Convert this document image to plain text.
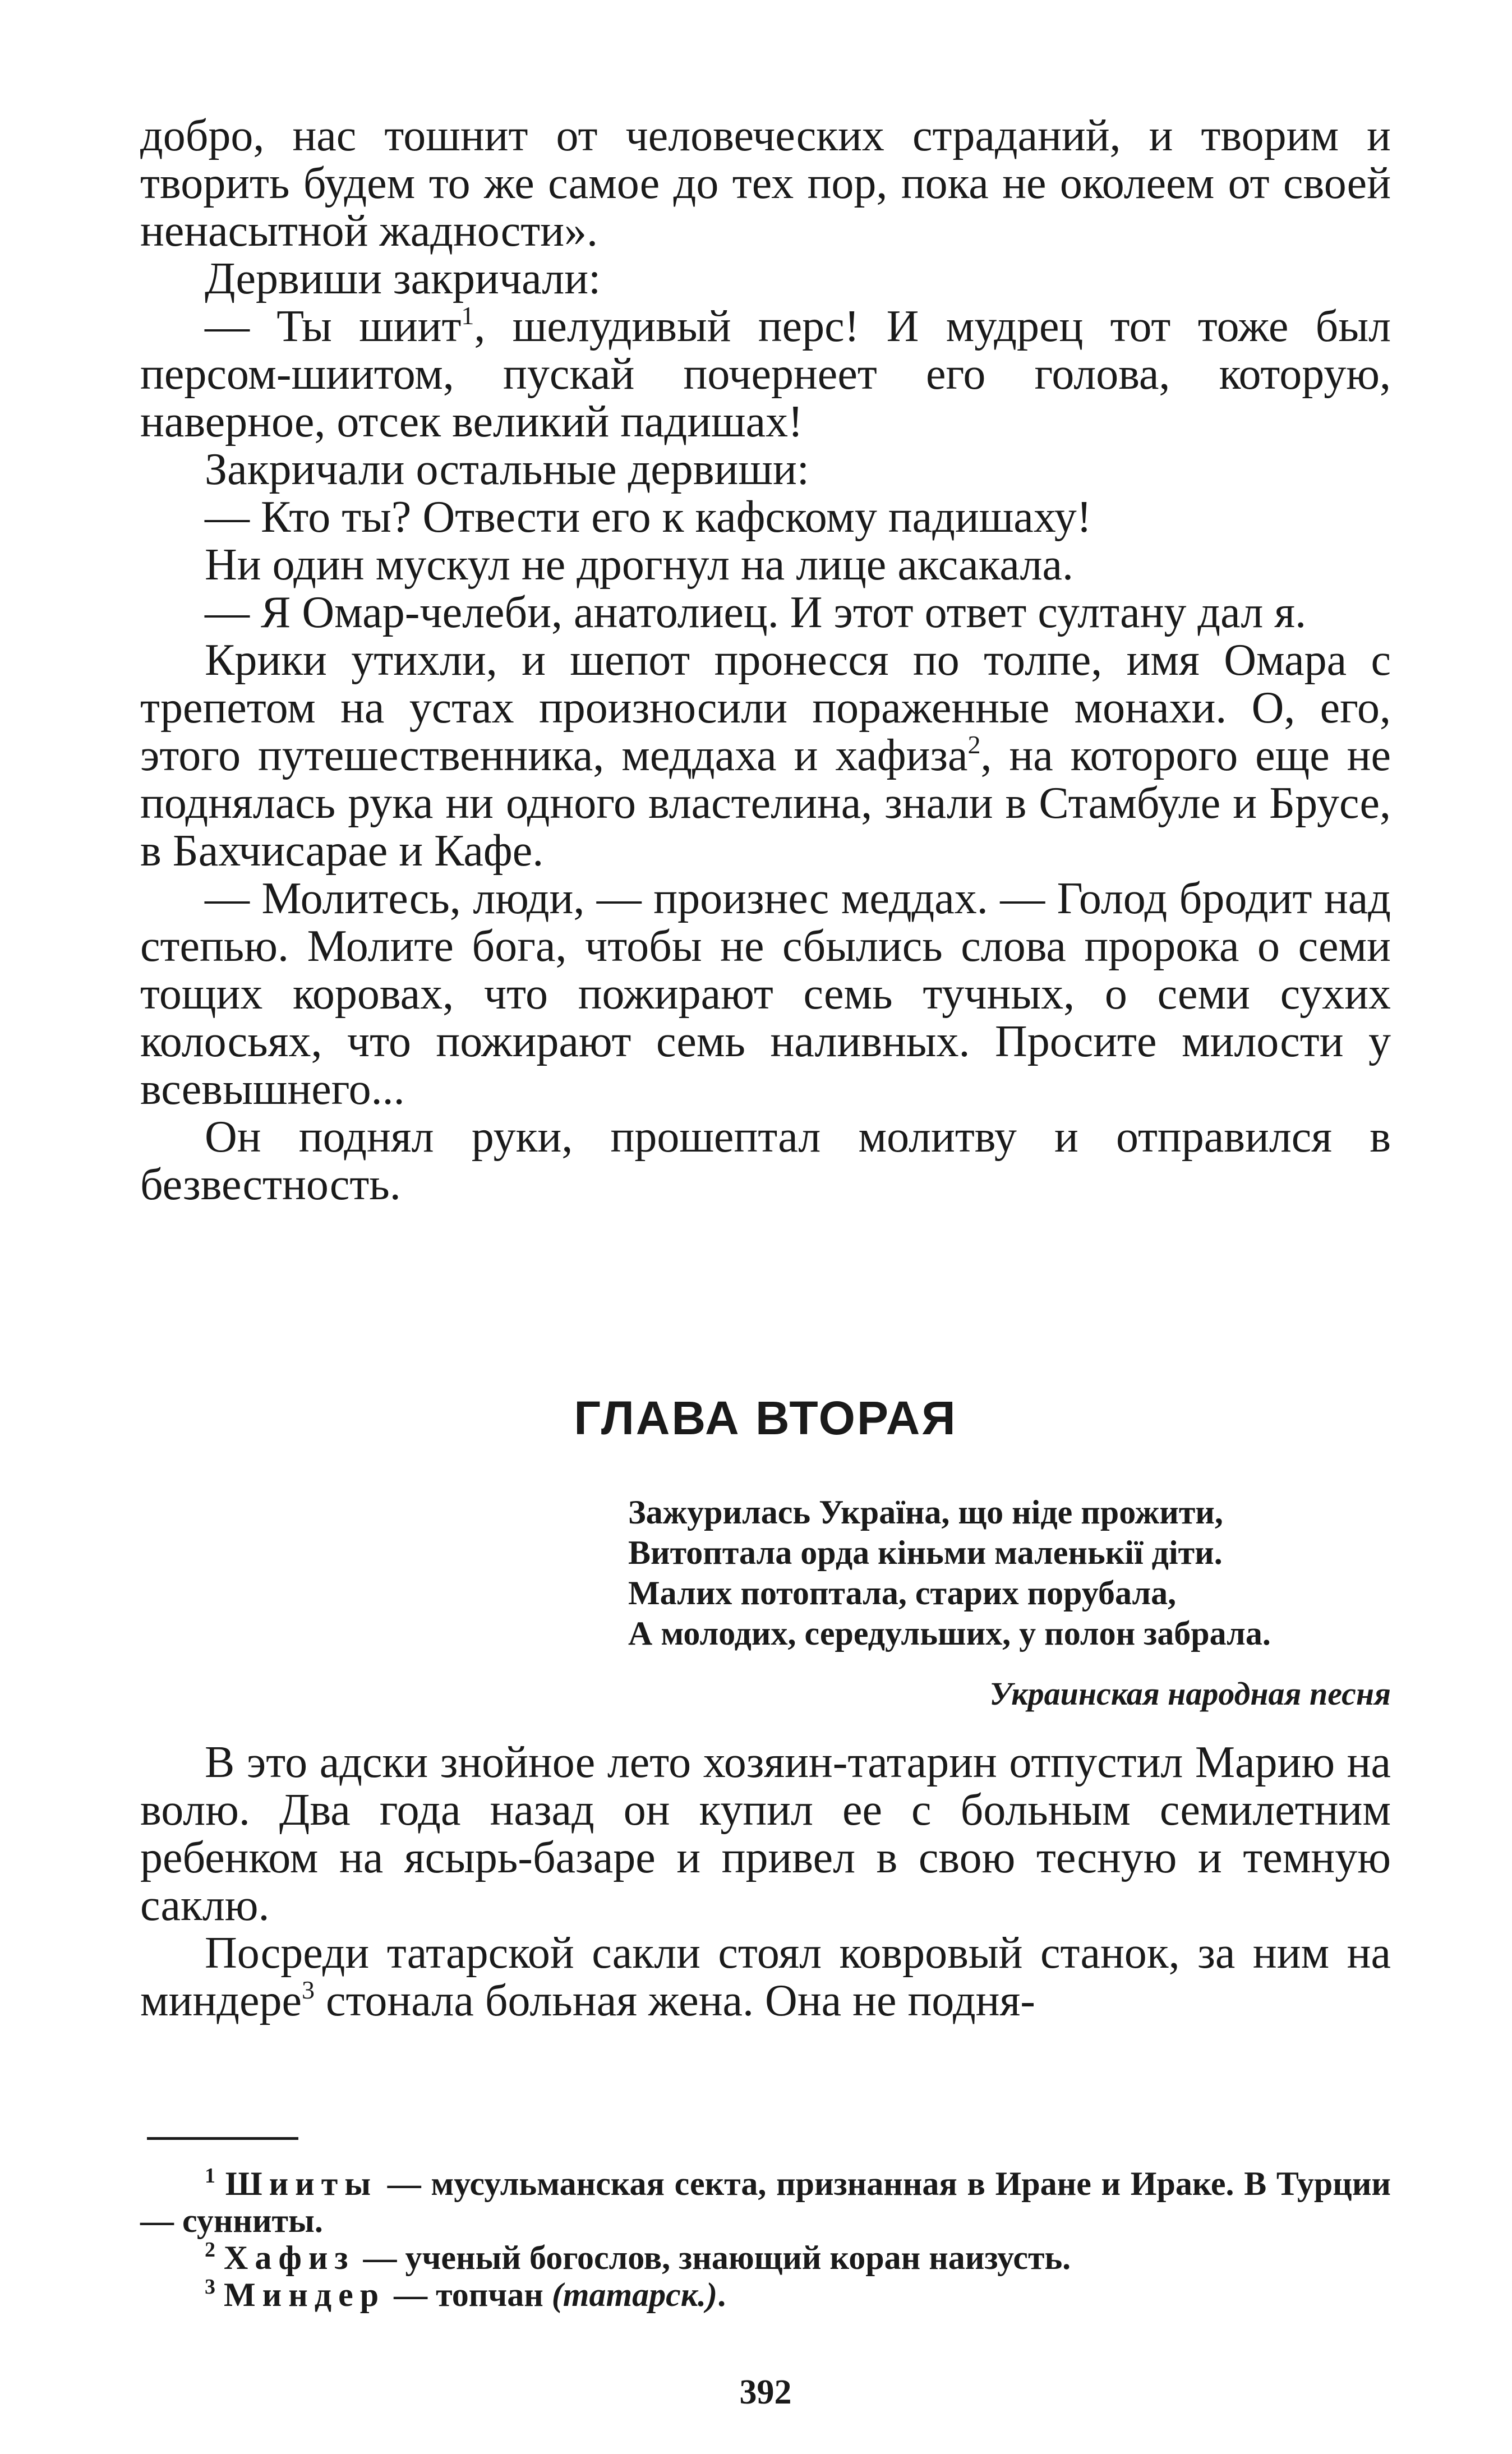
добро, нас тошнит от человеческих страданий, и творим и творить будем то же самое до тех пор, пока не околеем от своей ненасытной жадности».

Дервиши закричали:

— Ты шиит$^1$, шелудивый перс! И мудрец тот тоже был персом-шиитом, пускай почернеет его голова, которую, наверное, отсек великий падишах!

Закричали остальные дервиши:

— Кто ты? Отвести его к кафскому падишаху!

Ни один мускул не дрогнул на лице аксакала.

— Я Омар-челеби, анатолиец. И этот ответ султану дал я.

Крики утихли, и шепот пронесся по толпе, имя Омара с трепетом на устах произносили пораженные монахи. О, его, этого путешественника, меддаха и хафиза$^2$, на которого еще не поднялась рука ни одного властелина, знали в Стамбуле и Брусе, в Бахчисарае и Кафе.

— Молитесь, люди, — произнес меддах. — Голод бродит над степью. Молите бога, чтобы не сбылись слова пророка о семи тощих коровах, что пожирают семь тучных, о семи сухих колосьях, что пожирают семь наливных. Просите милости у всевышнего...

Он поднял руки, прошептал молитву и отправился в безвестность.

ГЛАВА ВТОРАЯ

Зажурилась Україна, що ніде прожити,

Витоптала орда кіньми маленькії діти.

Малих потоптала, старих порубала,

А молодих, середульших, у полон забрала.

Украинская народная песня

В это адски знойное лето хозяин-татарин отпустил Марию на волю. Два года назад он купил ее с больным семилетним ребенком на ясырь-базаре и привел в свою тесную и темную саклю.

Посреди татарской сакли стоял ковровый станок, за ним на миндере$^3$ стонала больная жена. Она не подня-

$^1$ Шииты — мусульманская секта, признанная в Иране и Ираке. В Турции — сунниты.

$^2$ Хафиз — ученый богослов, знающий коран наизусть.

$^3$ Миндер — топчан (татарск.).

392
